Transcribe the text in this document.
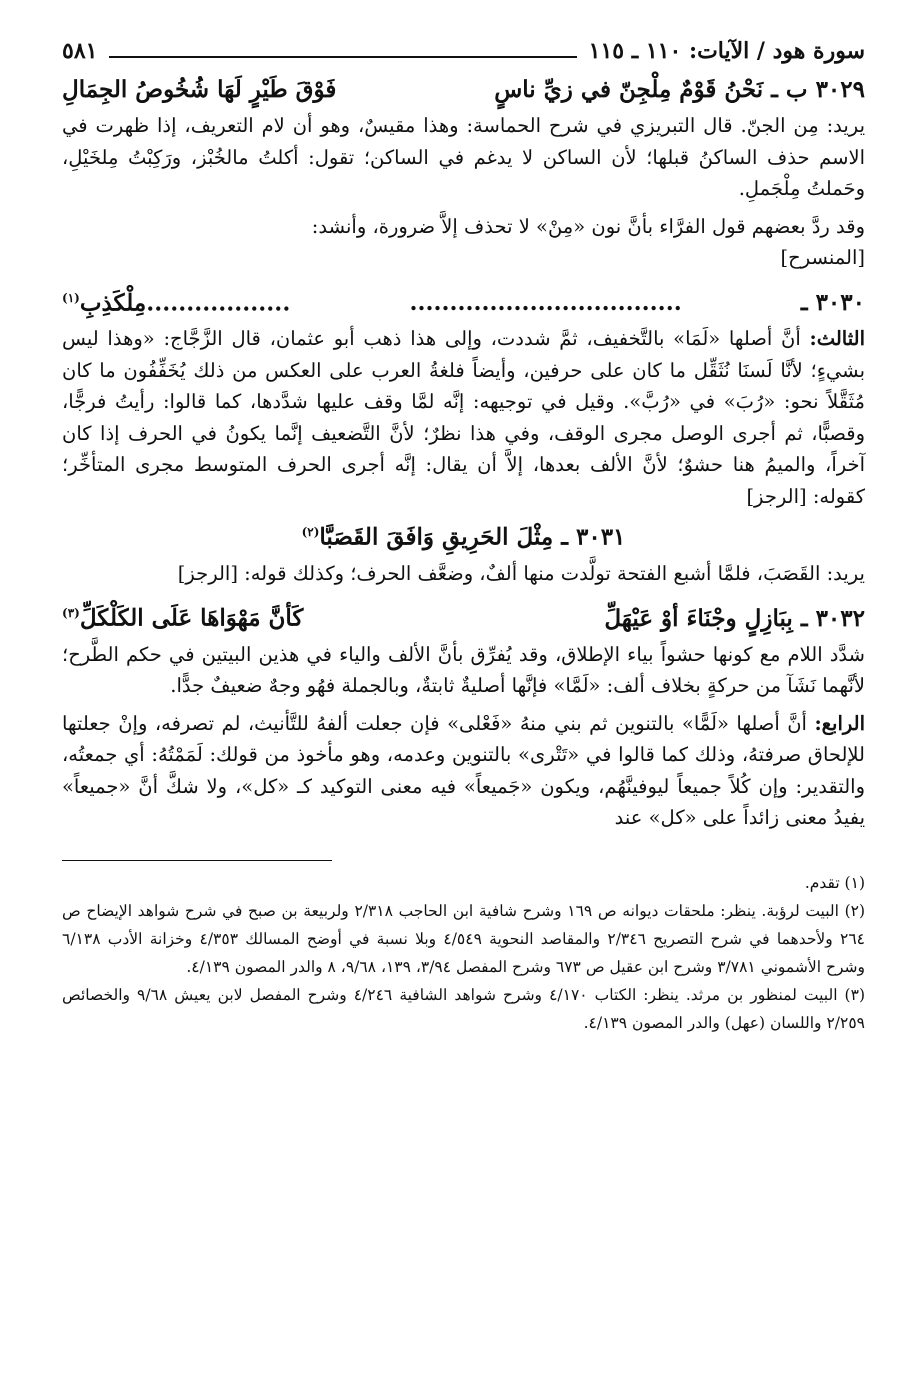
سورة هود / الآيات: ١١٠ ـ ١١٥
٥٨١
٣٠٢٩ ب ـ نَحْنُ قَوْمٌ مِلْجِنّ في زيِّ ناسٍ
فَوْقَ طَيْرٍ لَهَا شُخُوصُ الجِمَالِ

يريد: مِن الجنّ. قال التبريزي في شرح الحماسة: وهذا مقيسٌ، وهو أن لام التعريف، إذا ظهرت في الاسم حذف الساكنُ قبلها؛ لأن الساكن لا يدغم في الساكن؛ تقول: أكلتُ مالخُبْز، ورَكِبْتُ مِلخَيْلِ، وحَملتُ مِلْجَملِ.

وقد ردَّ بعضهم قول الفرَّاء بأنَّ نون «مِنْ» لا تحذف إلاَّ ضرورة، وأنشد:

[المنسرح]

٣٠٣٠ ـ
..................................
..................مِلْكَذِبِ$^{(١)}$

الثالث: أنَّ أصلها «لَمَا» بالتَّخفيف، ثمَّ شددت، وإلى هذا ذهب أبو عثمان، قال الزَّجَّاج: «وهذا ليس بشيءٍ؛ لأنَّا لَسنَا نُثَقِّل ما كان على حرفين، وأيضاً فلغةُ العرب على العكس من ذلك يُخَفِّفُون ما كان مُثَقَّلاً نحو: «رُبَ» في «رُبَّ». وقيل في توجيهه: إنَّه لمَّا وقف عليها شدَّدها، كما قالوا: رأيتُ فرجًّا، وقصبًّا، ثم أجرى الوصل مجرى الوقف، وفي هذا نظرٌ؛ لأنَّ التَّضعيف إنَّما يكونُ في الحرف إذا كان آخراً، والميمُ هنا حشوٌ؛ لأنَّ الألف بعدها، إلاَّ أن يقال: إنَّه أجرى الحرف المتوسط مجرى المتأخِّر؛ كقوله: [الرجز]

٣٠٣١ ـ مِثْلَ الحَرِيقِ وَافَقَ القَصَبَّا$^{(٢)}$

يريد: القَصَبَ، فلمَّا أشبع الفتحة تولَّدت منها ألفٌ، وضعَّف الحرف؛ وكذلك قوله: [الرجز]

٣٠٣٢ ـ بِبَازِلٍ وجْنَاءَ أوْ عَيْهَلِّ
كَأنَّ مَهْوَاهَا عَلَى الكَلْكَلِّ$^{(٣)}$

شدَّد اللام مع كونها حشواً بياء الإطلاق، وقد يُفرِّق بأنَّ الألف والياء في هذين البيتين في حكم الطَّرح؛ لأنَّهما نَشَآ من حركةٍ بخلاف ألف: «لَمَّا» فإنَّها أصليةٌ ثابتةٌ، وبالجملة فهُو وجهٌ ضعيفٌ جدًّا.

الرابع: أنَّ أصلها «لَمًّا» بالتنوين ثم بني منهُ «فَعْلى» فإن جعلت ألفهُ للتَّأنيث، لم تصرفه، وإنْ جعلتها للإلحاق صرفتهُ، وذلك كما قالوا في «تَتْرى» بالتنوين وعدمه، وهو مأخوذ من قولك: لَمَمْتُهُ: أي جمعتُه، والتقدير: وإن كُلاً جميعاً ليوفينَّهُم، ويكون «جَميعاً» فيه معنى التوكيد كـ «كل»، ولا شكَّ أنَّ «جميعاً» يفيدُ معنى زائداً على «كل» عند

(١) تقدم.

(٢) البيت لرؤبة. ينظر: ملحقات ديوانه ص ١٦٩ وشرح شافية ابن الحاجب ٢/٣١٨ ولربيعة بن صبح في شرح شواهد الإيضاح ص ٢٦٤ ولأحدهما في شرح التصريح ٢/٣٤٦ والمقاصد النحوية ٤/٥٤٩ وبلا نسبة في أوضح المسالك ٤/٣٥٣ وخزانة الأدب ٦/١٣٨ وشرح الأشموني ٣/٧٨١ وشرح ابن عقيل ص ٦٧٣ وشرح المفصل ٣/٩٤، ١٣٩، ٩/٦٨، ٨ والدر المصون ٤/١٣٩.

(٣) البيت لمنظور بن مرثد. ينظر: الكتاب ٤/١٧٠ وشرح شواهد الشافية ٤/٢٤٦ وشرح المفصل لابن يعيش ٩/٦٨ والخصائص ٢/٢٥٩ واللسان (عهل) والدر المصون ٤/١٣٩.
